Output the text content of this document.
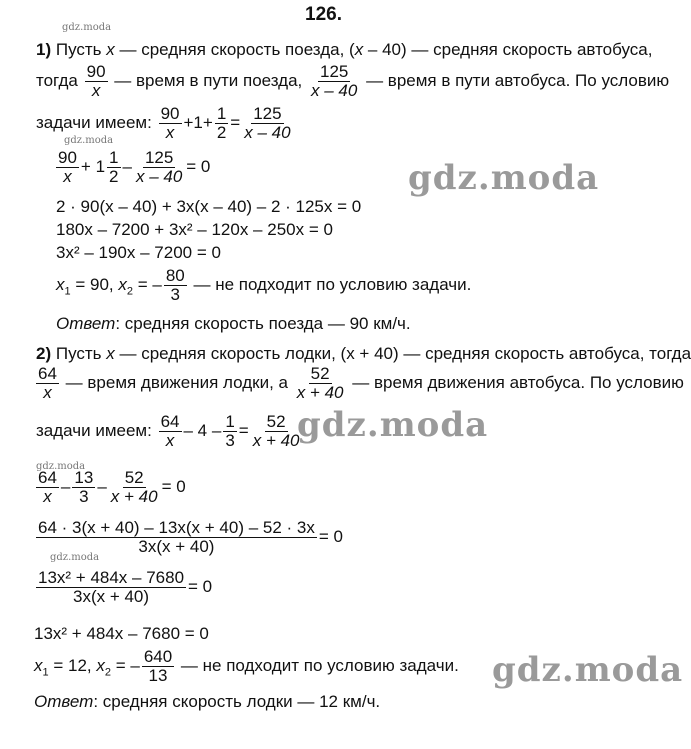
126.
gdz.moda
gdz.moda
gdz.moda
gdz.moda
gdz.moda
gdz.moda
gdz.moda
1) Пусть x — средняя скорость поезда, (x – 40) — средняя скорость автобуса,
тогда $\frac{90}{x}$ — время в пути поезда, $\frac{125}{x - 40}$ — время в пути автобуса. По условию
задачи имеем: $\frac{90}{x} +1+ \frac{1}{2} = \frac{125}{x - 40}$
$\frac{90}{x} + 1 \frac{1}{2} - \frac{125}{x - 40} = 0$
2 · 90(x – 40) + 3x(x – 40) – 2 · 125x = 0
180x – 7200 + 3x² – 120x – 250x = 0
3x² – 190x – 7200 = 0
$x_1 = 90$, $x_2$ = – $\frac{80}{3}$ — не подходит по условию задачи.
Ответ: средняя скорость поезда — 90 км/ч.
2) Пусть x — средняя скорость лодки, (x + 40) — средняя скорость автобуса, тогда
$\frac{64}{x}$ — время движения лодки, а $\frac{52}{x + 40}$ — время движения автобуса. По условию
задачи имеем: $\frac{64}{x} - 4 - \frac{1}{3} = \frac{52}{x + 40}$
$\frac{64}{x} - \frac{13}{3} - \frac{52}{x + 40} = 0$
$\frac{64 \cdot 3(x + 40) - 13x(x + 40) - 52 \cdot 3x}{3x(x + 40)} = 0$
$\frac{\text{13x² + 484x – 7680}}{3x(x + 40)} = 0$
13x² + 484x – 7680 = 0
$x_1 = 12$, $x_2$ = – $\frac{640}{13}$ — не подходит по условию задачи.
Ответ: средняя скорость лодки — 12 км/ч.
